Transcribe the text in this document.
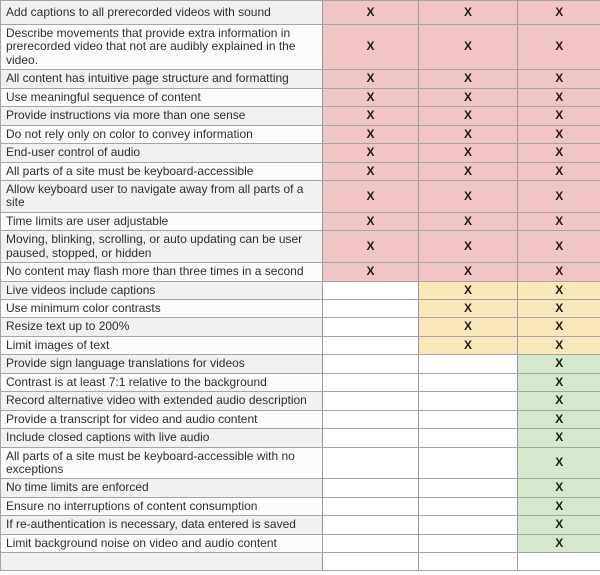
Add captions to all prerecorded videos with sound	X	X	X
Describe movements that provide extra information in prerecorded video that not are audibly explained in the video.	X	X	X
All content has intuitive page structure and formatting	X	X	X
Use meaningful sequence of content	X	X	X
Provide instructions via more than one sense	X	X	X
Do not rely only on color to convey information	X	X	X
End-user control of audio	X	X	X
All parts of a site must be keyboard-accessible	X	X	X
Allow keyboard user to navigate away from all parts of a site	X	X	X
Time limits are user adjustable	X	X	X
Moving, blinking, scrolling, or auto updating can be user paused, stopped, or hidden	X	X	X
No content may flash more than three times in a second	X	X	X
Live videos include captions		X	X
Use minimum color contrasts		X	X
Resize text up to 200%		X	X
Limit images of text		X	X
Provide sign language translations for videos			X
Contrast is at least 7:1 relative to the background			X
Record alternative video with extended audio description			X
Provide a transcript for video and audio content			X
Include closed captions with live audio			X
All parts of a site must be keyboard-accessible with no exceptions			X
No time limits are enforced			X
Ensure no interruptions of content consumption			X
If re-authentication is necessary, data entered is saved			X
Limit background noise on video and audio content			X
